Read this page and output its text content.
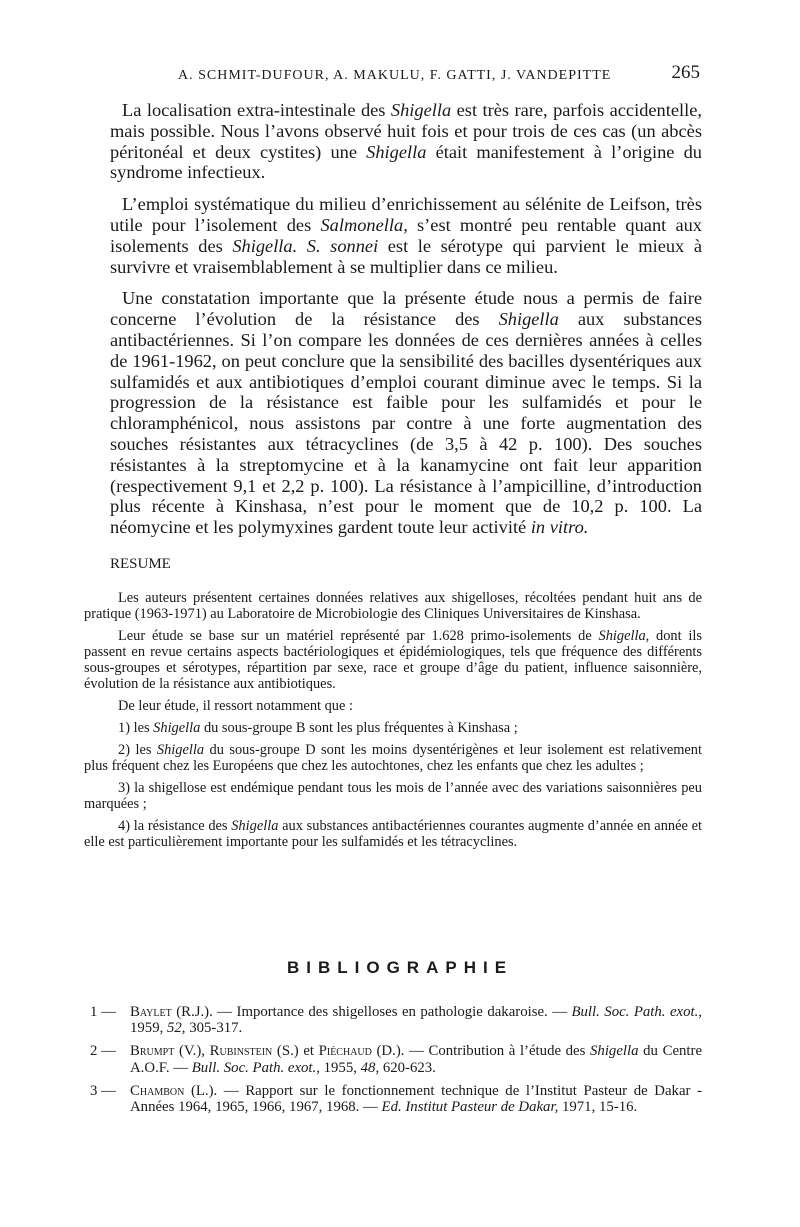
A. SCHMIT-DUFOUR, A. MAKULU, F. GATTI, J. VANDEPITTE	265

La localisation extra-intestinale des Shigella est très rare, parfois accidentelle, mais possible. Nous l’avons observé huit fois et pour trois de ces cas (un abcès péritonéal et deux cystites) une Shigella était manifestement à l’origine du syndrome infectieux.

L’emploi systématique du milieu d’enrichissement au sélénite de Leifson, très utile pour l’isolement des Salmonella, s’est montré peu rentable quant aux isolements des Shigella. S. sonnei est le sérotype qui parvient le mieux à survivre et vraisemblablement à se multiplier dans ce milieu.

Une constatation importante que la présente étude nous a permis de faire concerne l’évolution de la résistance des Shigella aux substances antibactériennes. Si l’on compare les données de ces dernières années à celles de 1961-1962, on peut conclure que la sensibilité des bacilles dysentériques aux sulfamidés et aux antibiotiques d’emploi courant diminue avec le temps. Si la progression de la résistance est faible pour les sulfamidés et pour le chloramphénicol, nous assistons par contre à une forte augmentation des souches résistantes aux tétracyclines (de 3,5 à 42 p. 100). Des souches résistantes à la streptomycine et à la kanamycine ont fait leur apparition (respectivement 9,1 et 2,2 p. 100). La résistance à l’ampicilline, d’introduction plus récente à Kinshasa, n’est pour le moment que de 10,2 p. 100. La néomycine et les polymyxines gardent toute leur activité in vitro.

RESUME

Les auteurs présentent certaines données relatives aux shigelloses, récoltées pendant huit ans de pratique (1963-1971) au Laboratoire de Microbiologie des Cliniques Universitaires de Kinshasa.

Leur étude se base sur un matériel représenté par 1.628 primo-isolements de Shigella, dont ils passent en revue certains aspects bactériologiques et épidémiologiques, tels que fréquence des différents sous-groupes et sérotypes, répartition par sexe, race et groupe d’âge du patient, influence saisonnière, évolution de la résistance aux antibiotiques.

De leur étude, il ressort notamment que :

1) les Shigella du sous-groupe B sont les plus fréquentes à Kinshasa ;

2) les Shigella du sous-groupe D sont les moins dysentérigènes et leur isolement est relativement plus fréquent chez les Européens que chez les autochtones, chez les enfants que chez les adultes ;

3) la shigellose est endémique pendant tous les mois de l’année avec des variations saisonnières peu marquées ;

4) la résistance des Shigella aux substances antibactériennes courantes augmente d’année en année et elle est particulièrement importante pour les sulfamidés et les tétracyclines.

BIBLIOGRAPHIE
1 — Baylet (R.J.). — Importance des shigelloses en pathologie dakaroise. — Bull. Soc. Path. exot., 1959, 52, 305-317.
2 — Brumpt (V.), Rubinstein (S.) et Piéchaud (D.). — Contribution à l’étude des Shigella du Centre A.O.F. — Bull. Soc. Path. exot., 1955, 48, 620-623.
3 — Chambon (L.). — Rapport sur le fonctionnement technique de l’Institut Pasteur de Dakar - Années 1964, 1965, 1966, 1967, 1968. — Ed. Institut Pasteur de Dakar, 1971, 15-16.
